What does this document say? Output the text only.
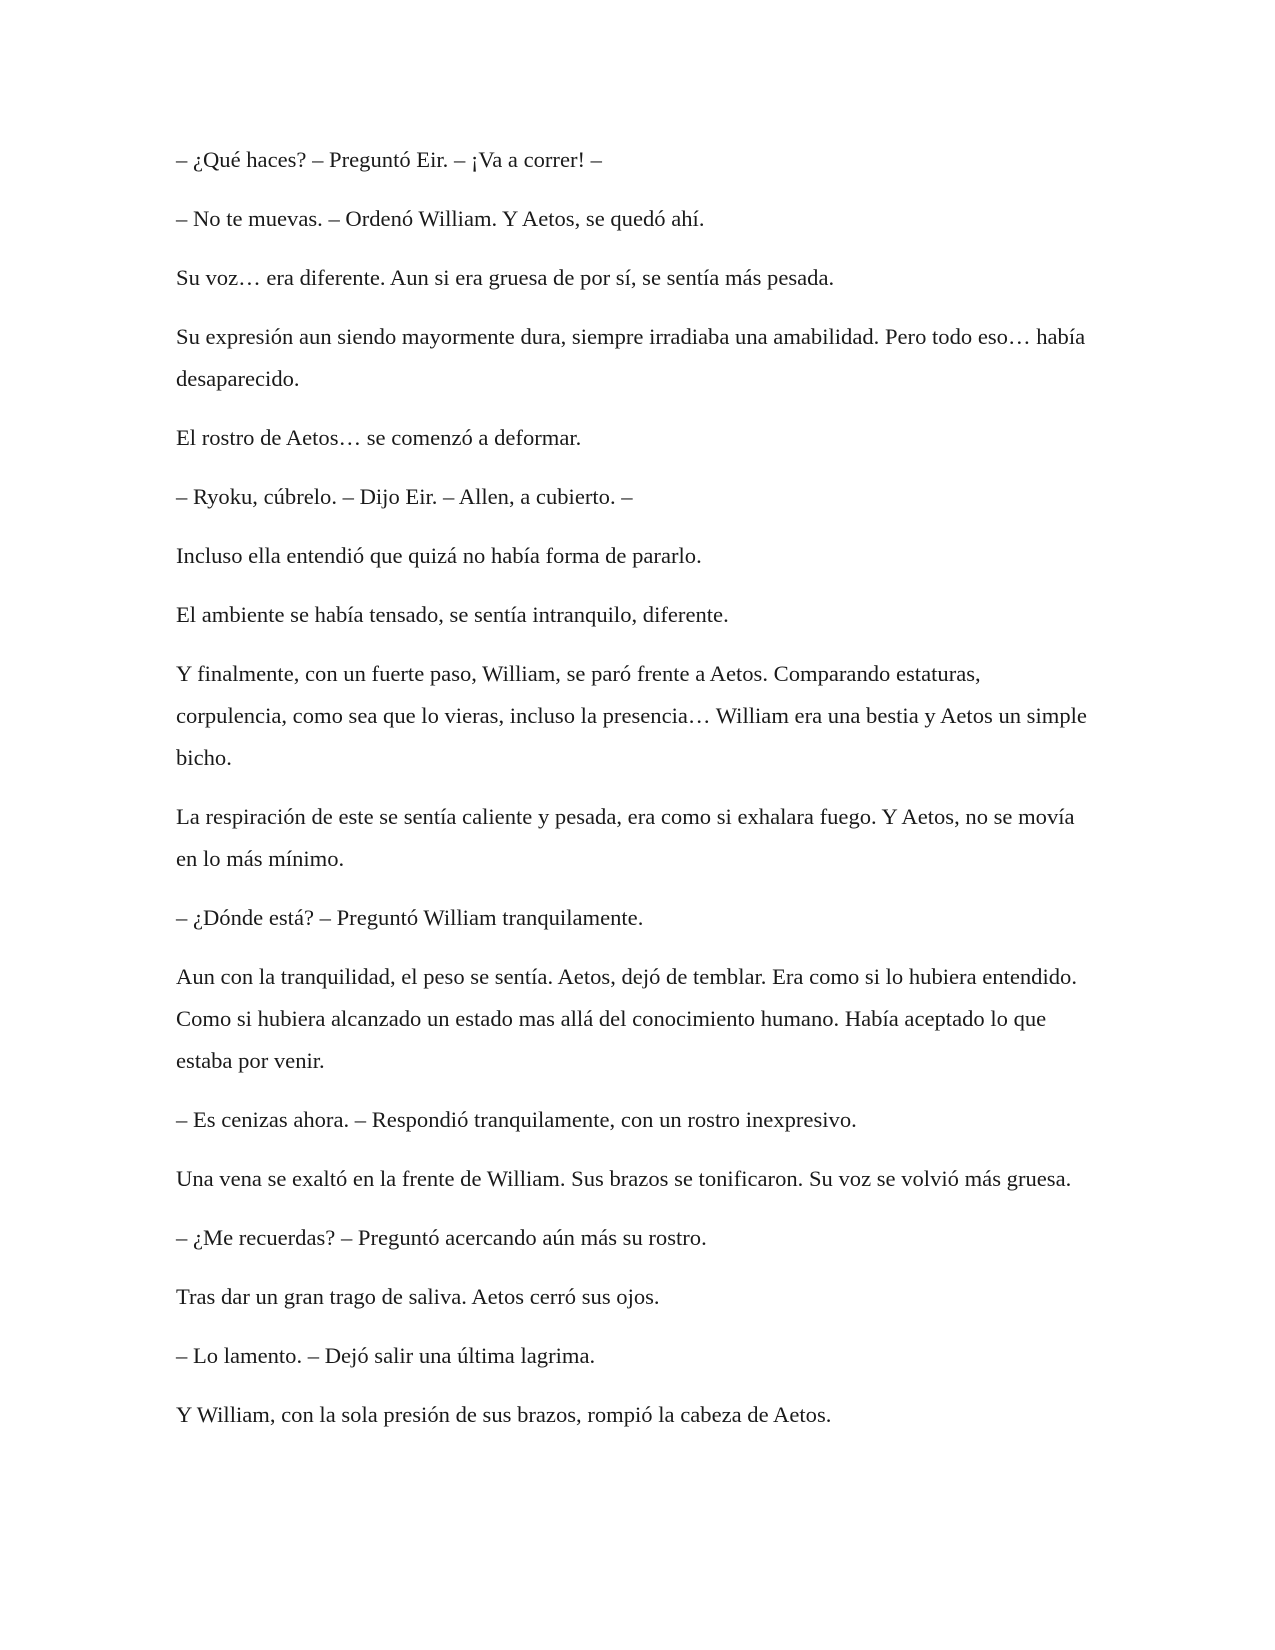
– ¿Qué haces? – Preguntó Eir. – ¡Va a correr! –

– No te muevas. – Ordenó William. Y Aetos, se quedó ahí.

Su voz… era diferente. Aun si era gruesa de por sí, se sentía más pesada.

Su expresión aun siendo mayormente dura, siempre irradiaba una amabilidad. Pero todo eso… había desaparecido.

El rostro de Aetos… se comenzó a deformar.

– Ryoku, cúbrelo. – Dijo Eir. – Allen, a cubierto. –

Incluso ella entendió que quizá no había forma de pararlo.

El ambiente se había tensado, se sentía intranquilo, diferente.

Y finalmente, con un fuerte paso, William, se paró frente a Aetos. Comparando estaturas, corpulencia, como sea que lo vieras, incluso la presencia… William era una bestia y Aetos un simple bicho.

La respiración de este se sentía caliente y pesada, era como si exhalara fuego. Y Aetos, no se movía en lo más mínimo.

– ¿Dónde está? – Preguntó William tranquilamente.

Aun con la tranquilidad, el peso se sentía. Aetos, dejó de temblar. Era como si lo hubiera entendido. Como si hubiera alcanzado un estado mas allá del conocimiento humano. Había aceptado lo que estaba por venir.

– Es cenizas ahora. – Respondió tranquilamente, con un rostro inexpresivo.

Una vena se exaltó en la frente de William. Sus brazos se tonificaron. Su voz se volvió más gruesa.

– ¿Me recuerdas? – Preguntó acercando aún más su rostro.

Tras dar un gran trago de saliva. Aetos cerró sus ojos.

– Lo lamento. – Dejó salir una última lagrima.

Y William, con la sola presión de sus brazos, rompió la cabeza de Aetos.
